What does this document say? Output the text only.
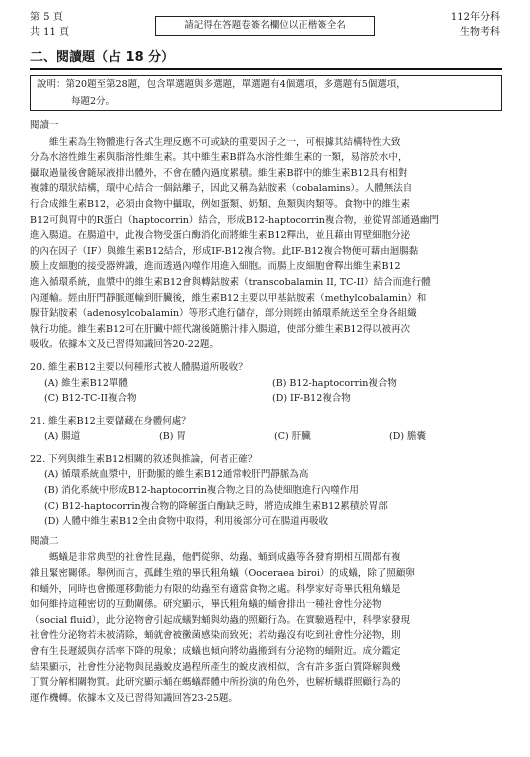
第 5 頁
共 11 頁
請記得在答題卷簽名欄位以正楷簽全名
112年分科
生物考科
二、閱讀題（占 18 分）
說明：第20題至第28題，包含單選題與多選題，單選題有4個選項，多選題有5個選項，
每題2分。
閱讀一
維生素為生物體進行各式生理反應不可或缺的重要因子之一，可根據其結構特性大致
分為水溶性維生素與脂溶性維生素。其中維生素B群為水溶性維生素的一類，易溶於水中，
攝取過量後會隨尿液排出體外，不會在體內過度累積。維生素B群中的維生素B12具有相對
複雜的環狀結構，環中心結合一個鈷離子，因此又稱為鈷胺素（cobalamins）。人體無法自
行合成維生素B12，必須由食物中攝取，例如蛋類、奶類、魚類與肉類等。食物中的維生素
B12可與胃中的R蛋白（haptocorrin）結合，形成B12-haptocorrin複合物，並從胃部通過幽門
進入腸道。在腸道中，此複合物受蛋白酶消化而將維生素B12釋出，並且藉由胃壁細胞分泌
的內在因子（IF）與維生素B12結合，形成IF-B12複合物。此IF-B12複合物便可藉由迴腸黏
膜上皮細胞的接受器辨識，進而透過內噬作用進入細胞。而腸上皮細胞會釋出維生素B12
進入循環系統，血漿中的維生素B12會與轉鈷胺素（transcobalamin II, TC-II）結合而進行體
內運輸。經由肝門靜脈運輸到肝臟後，維生素B12主要以甲基鈷胺素（methylcobalamin）和
腺苷鈷胺素（adenosylcobalamin）等形式進行儲存，部分則經由循環系統送至全身各組織
執行功能。維生素B12可在肝臟中經代謝後隨膽汁排入腸道，使部分維生素B12得以被再次
吸收。依據本文及已習得知識回答20-22題。
20. 維生素B12主要以何種形式被人體腸道所吸收？
(A) 維生素B12單體	(B) B12-haptocorrin複合物
(C) B12-TC-II複合物	(D) IF-B12複合物
21. 維生素B12主要儲藏在身體何處？
(A) 腸道	(B) 胃	(C) 肝臟	(D) 膽囊
22. 下列與維生素B12相關的敘述與推論，何者正確？
(A) 循環系統血漿中，肝動脈的維生素B12通常較肝門靜脈為高
(B) 消化系統中形成B12-haptocorrin複合物之目的為使細胞進行內噬作用
(C) B12-haptocorrin複合物的降解蛋白酶缺乏時，將造成維生素B12累積於胃部
(D) 人體中維生素B12全由食物中取得，利用後部分可在腸道再吸收
閱讀二
螞蟻是非常典型的社會性昆蟲，他們從卵、幼蟲、蛹到成蟲等各發育期相互間都有複
雜且緊密關係。舉例而言，孤雌生殖的畢氏粗角蟻（Ooceraea biroi）的成蟻，除了照顧卵
和蛹外，同時也會搬運移動能力有限的幼蟲至有適當食物之處。科學家好奇畢氏粗角蟻是
如何維持這種密切的互動關係。研究顯示，畢氏粗角蟻的蛹會排出一種社會性分泌物
（social fluid），此分泌物會引起成蟻對蛹與幼蟲的照顧行為。在實驗過程中，科學家發現
社會性分泌物若未被清除，蛹就會被黴菌感染而致死；若幼蟲沒有吃到社會性分泌物，則
會有生長遲緩與存活率下降的現象；成蟻也傾向將幼蟲搬到有分泌物的蛹附近。成分鑑定
結果顯示，社會性分泌物與昆蟲蛻皮過程所產生的蛻皮液相似，含有許多蛋白質降解與幾
丁質分解相關物質。此研究顯示蛹在螞蟻群體中所扮演的角色外，也解析蟻群照顧行為的
運作機轉。依據本文及已習得知識回答23-25題。
